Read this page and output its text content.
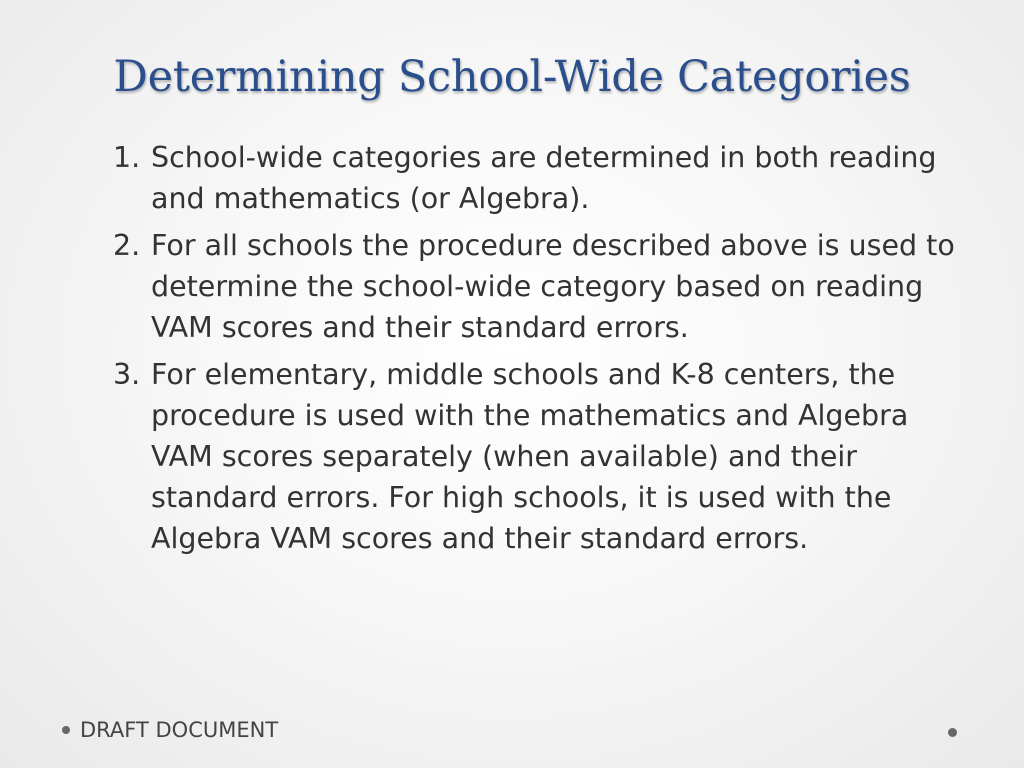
Determining School-Wide Categories
1. School-wide categories are determined in both reading and mathematics (or Algebra).
2. For all schools the procedure described above is used to determine the school-wide category based on reading VAM scores and their standard errors.
3. For elementary, middle schools and K-8 centers, the procedure is used with the mathematics and Algebra VAM scores separately (when available) and their standard errors. For high schools, it is used with the Algebra VAM scores and their standard errors.
DRAFT DOCUMENT
